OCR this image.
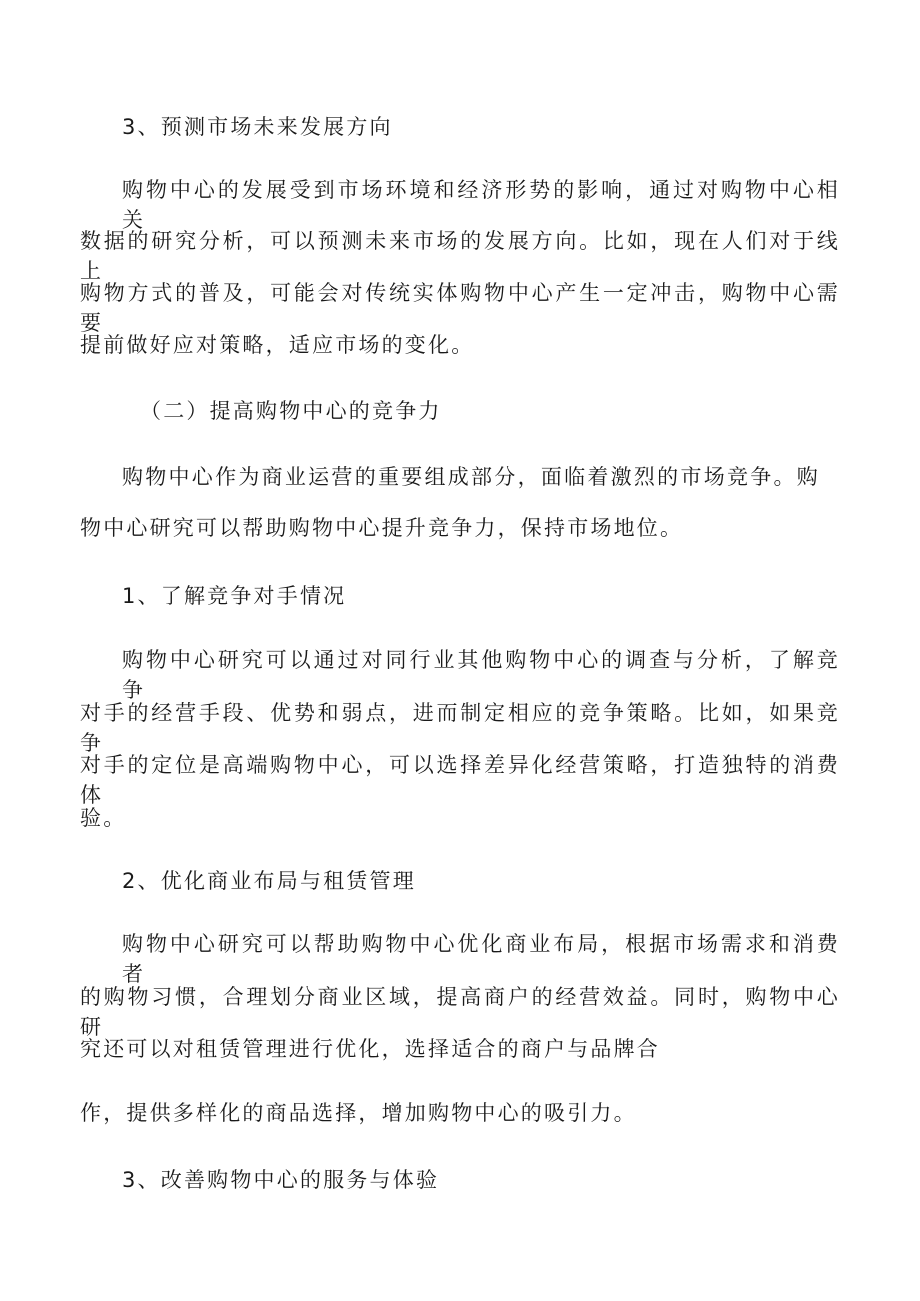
3、预测市场未来发展方向
购物中心的发展受到市场环境和经济形势的影响，通过对购物中心相关
数据的研究分析，可以预测未来市场的发展方向。比如，现在人们对于线上
购物方式的普及，可能会对传统实体购物中心产生一定冲击，购物中心需要
提前做好应对策略，适应市场的变化。
（二）提高购物中心的竞争力
购物中心作为商业运营的重要组成部分，面临着激烈的市场竞争。购
物中心研究可以帮助购物中心提升竞争力，保持市场地位。
1、了解竞争对手情况
购物中心研究可以通过对同行业其他购物中心的调查与分析，了解竞争
对手的经营手段、优势和弱点，进而制定相应的竞争策略。比如，如果竞争
对手的定位是高端购物中心，可以选择差异化经营策略，打造独特的消费体
验。
2、优化商业布局与租赁管理
购物中心研究可以帮助购物中心优化商业布局，根据市场需求和消费者
的购物习惯，合理划分商业区域，提高商户的经营效益。同时，购物中心研
究还可以对租赁管理进行优化，选择适合的商户与品牌合
作，提供多样化的商品选择，增加购物中心的吸引力。
3、改善购物中心的服务与体验
